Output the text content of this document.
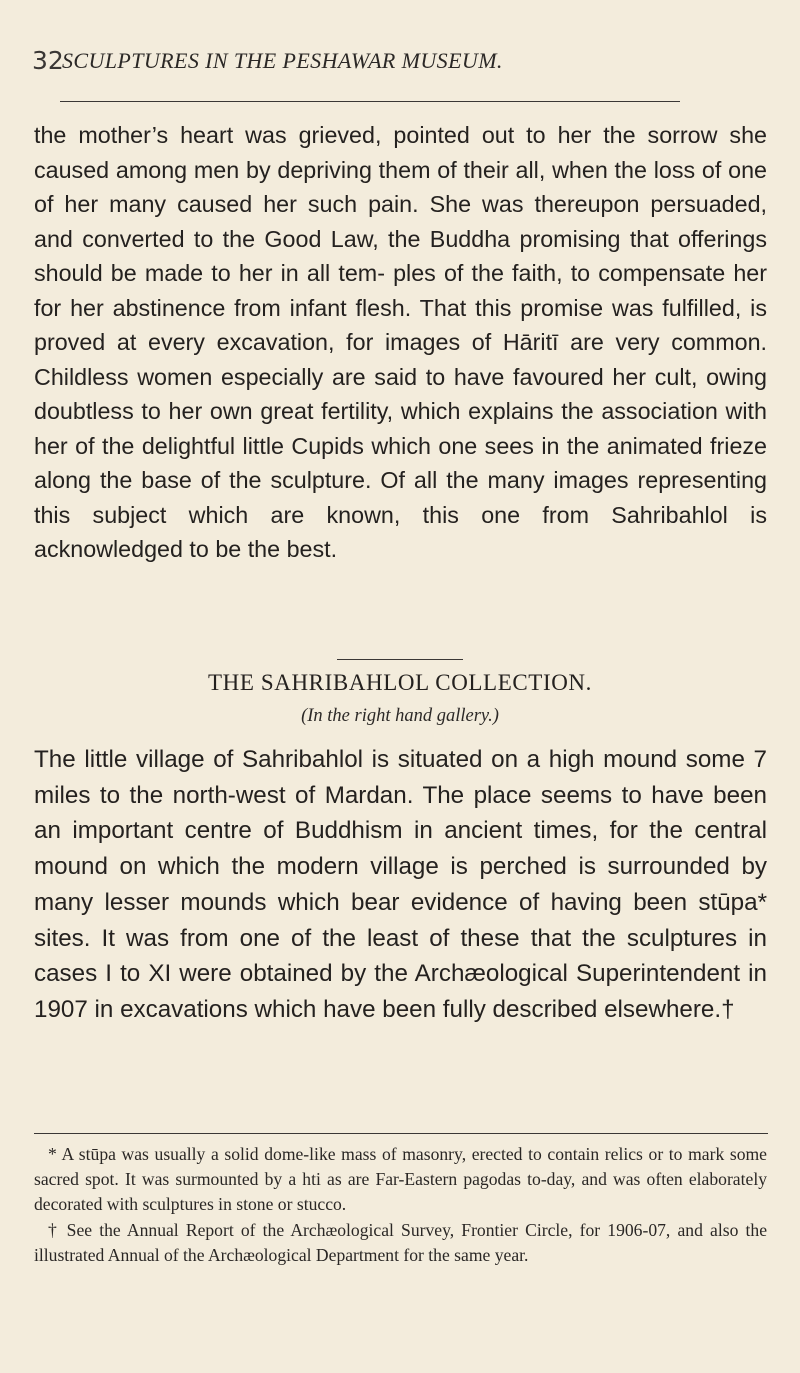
32
SCULPTURES IN THE PESHAWAR MUSEUM.

the mother’s heart was grieved, pointed out to her the sorrow she caused among men by depriving them of their all, when the loss of one of her many caused her such pain. She was thereupon persuaded, and converted to the Good Law, the Buddha promising that offerings should be made to her in all tem- ples of the faith, to compensate her for her abstinence from infant flesh. That this promise was fulfilled, is proved at every excavation, for images of Hāritī are very common. Childless women especially are said to have favoured her cult, owing doubtless to her own great fertility, which explains the association with her of the delightful little Cupids which one sees in the animated frieze along the base of the sculpture. Of all the many images representing this subject which are known, this one from Sahribahlol is acknowledged to be the best.

THE SAHRIBAHLOL COLLECTION.
(In the right hand gallery.)

The little village of Sahribahlol is situated on a high mound some 7 miles to the north-west of Mardan. The place seems to have been an important centre of Buddhism in ancient times, for the central mound on which the modern village is perched is surrounded by many lesser mounds which bear evidence of having been stūpa* sites. It was from one of the least of these that the sculptures in cases I to XI were obtained by the Archæological Superintendent in 1907 in excavations which have been fully described elsewhere.†

* A stūpa was usually a solid dome-like mass of masonry, erected to contain relics or to mark some sacred spot. It was surmounted by a hti as are Far-Eastern pagodas to-day, and was often elaborately decorated with sculptures in stone or stucco.

† See the Annual Report of the Archæological Survey, Frontier Circle, for 1906-07, and also the illustrated Annual of the Archæological Department for the same year.
